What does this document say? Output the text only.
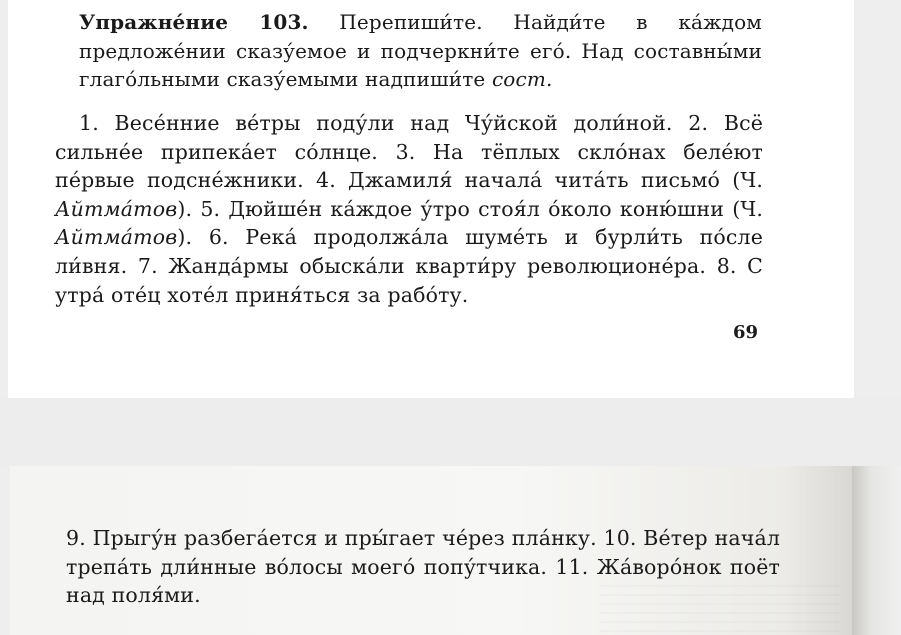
Упражне́ние 103. Перепиши́те. Найди́те в ка́ждом предложе́нии сказу́емое и подчеркни́те его́. Над составны́ми глаго́льными сказу́емыми надпиши́те сост.
1. Весе́нние ве́тры поду́ли над Чу́йской доли́ной. 2. Всё сильне́е припека́ет со́лнце. 3. На тёплых скло́нах беле́ют пе́рвые подсне́жники. 4. Джамиля́ начала́ чита́ть письмо́ (Ч. Айтма́тов). 5. Дюйше́н ка́ждое у́тро стоя́л о́коло коню́шни (Ч. Айтма́тов). 6. Река́ продолжа́ла шуме́ть и бурли́ть по́сле ли́вня. 7. Жанда́рмы обыска́ли кварти́ру революционе́ра. 8. С утра́ оте́ц хоте́л приня́ться за рабо́ту.
69
9. Прыгу́н разбега́ется и пры́гает че́рез пла́нку. 10. Ве́тер нача́л трепа́ть дли́нные во́лосы моего́ попу́тчика. 11. Жа́воро́нок поёт над поля́ми.
